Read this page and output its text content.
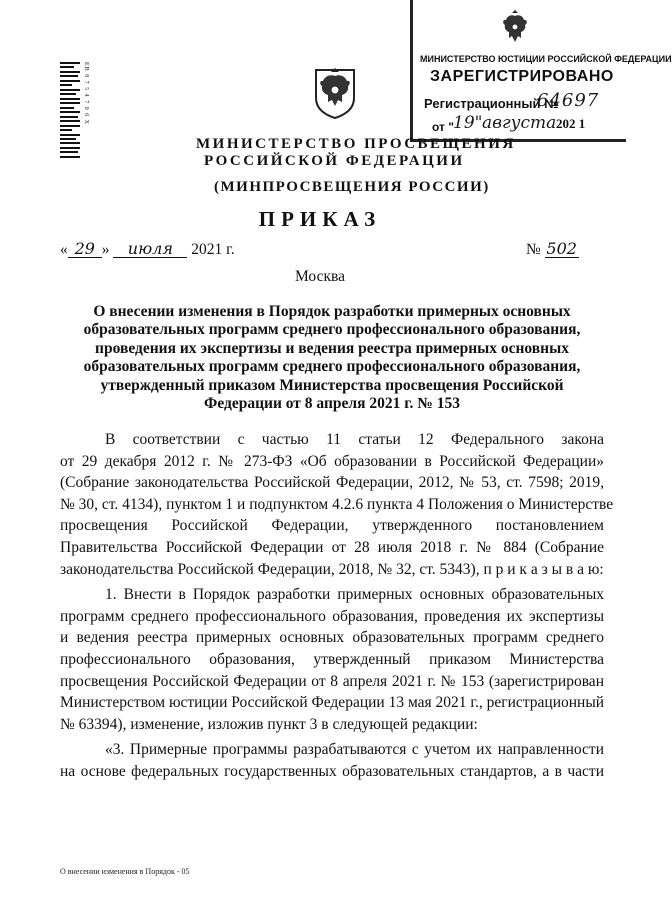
ЕВ 8 7 5 4 7 0 6 Х
МИНИСТЕРСТВО ЮСТИЦИИ РОССИЙСКОЙ ФЕДЕРАЦИИ
ЗАРЕГИСТРИРОВАНО
Регистрационный №
64697
от " 19" августа 202 1
МИНИСТЕРСТВО ПРОСВЕЩЕНИЯ
РОССИЙСКОЙ ФЕДЕРАЦИИ
(МИНПРОСВЕЩЕНИЯ РОССИИ)
ПРИКАЗ
« 29 » июля 2021 г.	№ 502
Москва
О внесении изменения в Порядок разработки примерных основных образовательных программ среднего профессионального образования, проведения их экспертизы и ведения реестра примерных основных образовательных программ среднего профессионального образования, утвержденный приказом Министерства просвещения Российской Федерации от 8 апреля 2021 г. № 153
В соответствии с частью 11 статьи 12 Федерального закона
от 29 декабря 2012 г. № 273-ФЗ «Об образовании в Российской Федерации»
(Собрание законодательства Российской Федерации, 2012, № 53, ст. 7598; 2019,
№ 30, ст. 4134), пунктом 1 и подпунктом 4.2.6 пункта 4 Положения о Министерстве
просвещения Российской Федерации, утвержденного постановлением
Правительства Российской Федерации от 28 июля 2018 г. № 884 (Собрание
законодательства Российской Федерации, 2018, № 32, ст. 5343), п р и к а з ы в а ю:
1. Внести в Порядок разработки примерных основных образовательных
программ среднего профессионального образования, проведения их экспертизы
и ведения реестра примерных основных образовательных программ среднего
профессионального образования, утвержденный приказом Министерства
просвещения Российской Федерации от 8 апреля 2021 г. № 153 (зарегистрирован
Министерством юстиции Российской Федерации 13 мая 2021 г., регистрационный
№ 63394), изменение, изложив пункт 3 в следующей редакции:
«3. Примерные программы разрабатываются с учетом их направленности
на основе федеральных государственных образовательных стандартов, а в части
О внесении изменения в Порядок - 05
